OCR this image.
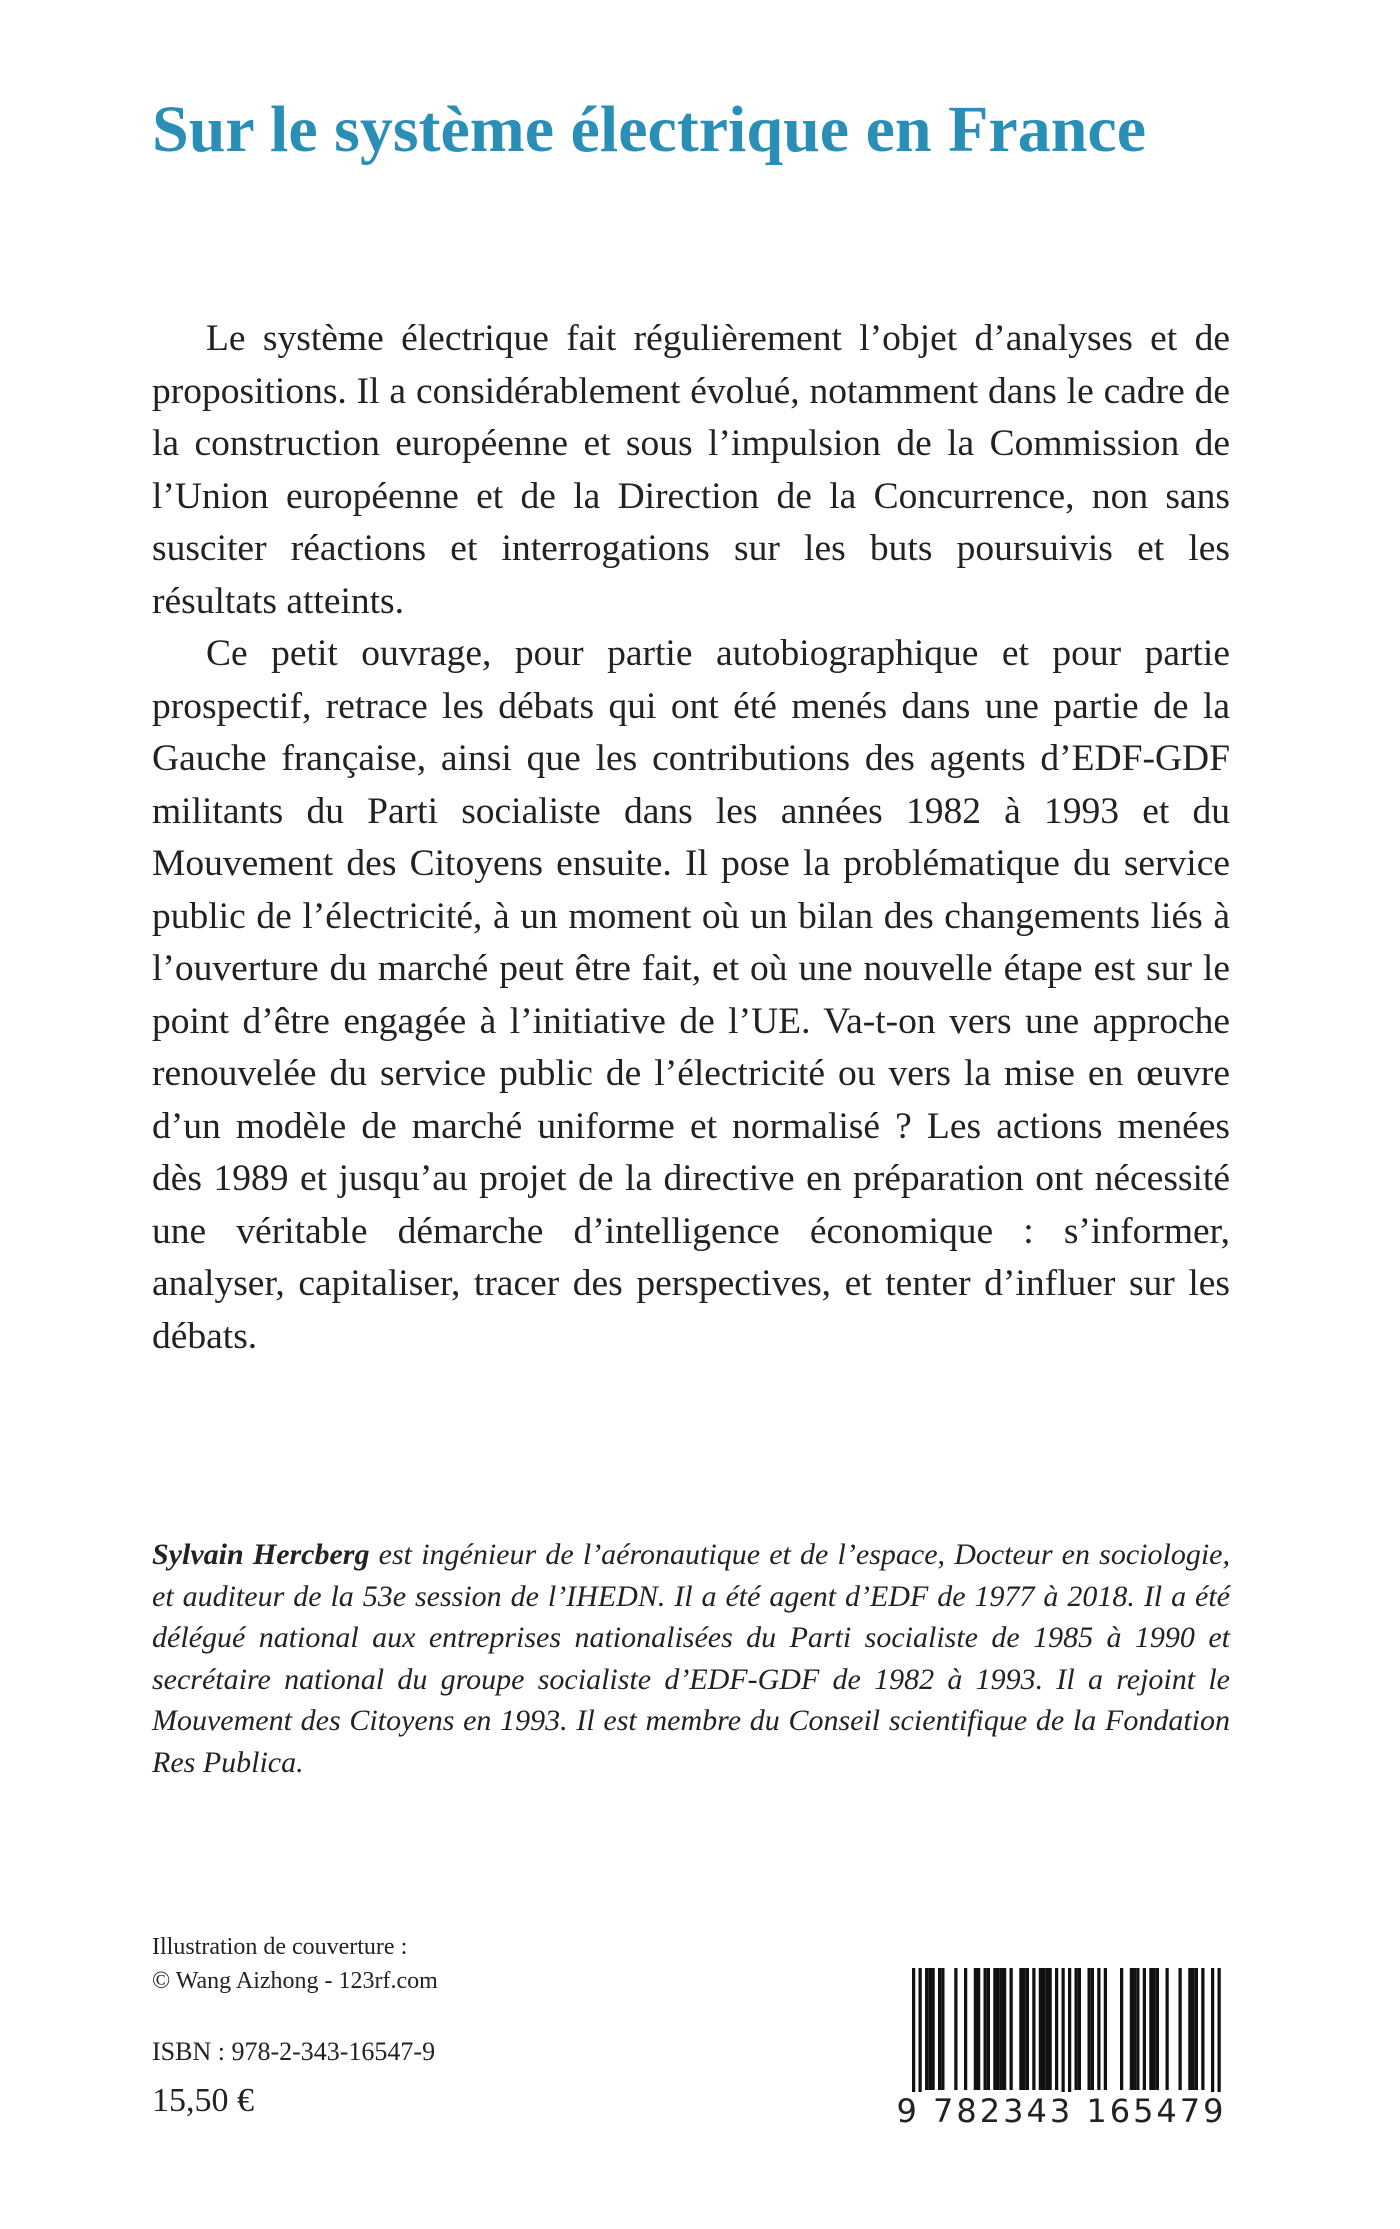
Sur le système électrique en France

Le système électrique fait régulièrement l’objet d’analyses et de propositions. Il a considérablement évolué, notamment dans le cadre de la construction européenne et sous l’impulsion de la Commission de l’Union européenne et de la Direction de la Concurrence, non sans susciter réactions et interrogations sur les buts poursuivis et les résultats atteints.

Ce petit ouvrage, pour partie autobiographique et pour partie prospectif, retrace les débats qui ont été menés dans une partie de la Gauche française, ainsi que les contributions des agents d’EDF-GDF militants du Parti socialiste dans les années 1982 à 1993 et du Mouvement des Citoyens ensuite. Il pose la problématique du service public de l’électricité, à un moment où un bilan des changements liés à l’ouverture du marché peut être fait, et où une nouvelle étape est sur le point d’être engagée à l’initiative de l’UE. Va-t-on vers une approche renouvelée du service public de l’électricité ou vers la mise en œuvre d’un modèle de marché uniforme et normalisé ? Les actions menées dès 1989 et jusqu’au projet de la directive en préparation ont nécessité une véritable démarche d’intelligence économique : s’informer, analyser, capitaliser, tracer des perspectives, et tenter d’influer sur les débats.

Sylvain Hercberg est ingénieur de l’aéronautique et de l’espace, Docteur en sociologie, et auditeur de la 53e session de l’IHEDN. Il a été agent d’EDF de 1977 à 2018. Il a été délégué national aux entreprises nationalisées du Parti socialiste de 1985 à 1990 et secrétaire national du groupe socialiste d’EDF-GDF de 1982 à 1993. Il a rejoint le Mouvement des Citoyens en 1993. Il est membre du Conseil scientifique de la Fondation Res Publica.

Illustration de couverture :
© Wang Aizhong - 123rf.com
ISBN : 978-2-343-16547-9
15,50 €	9 782343 165479
